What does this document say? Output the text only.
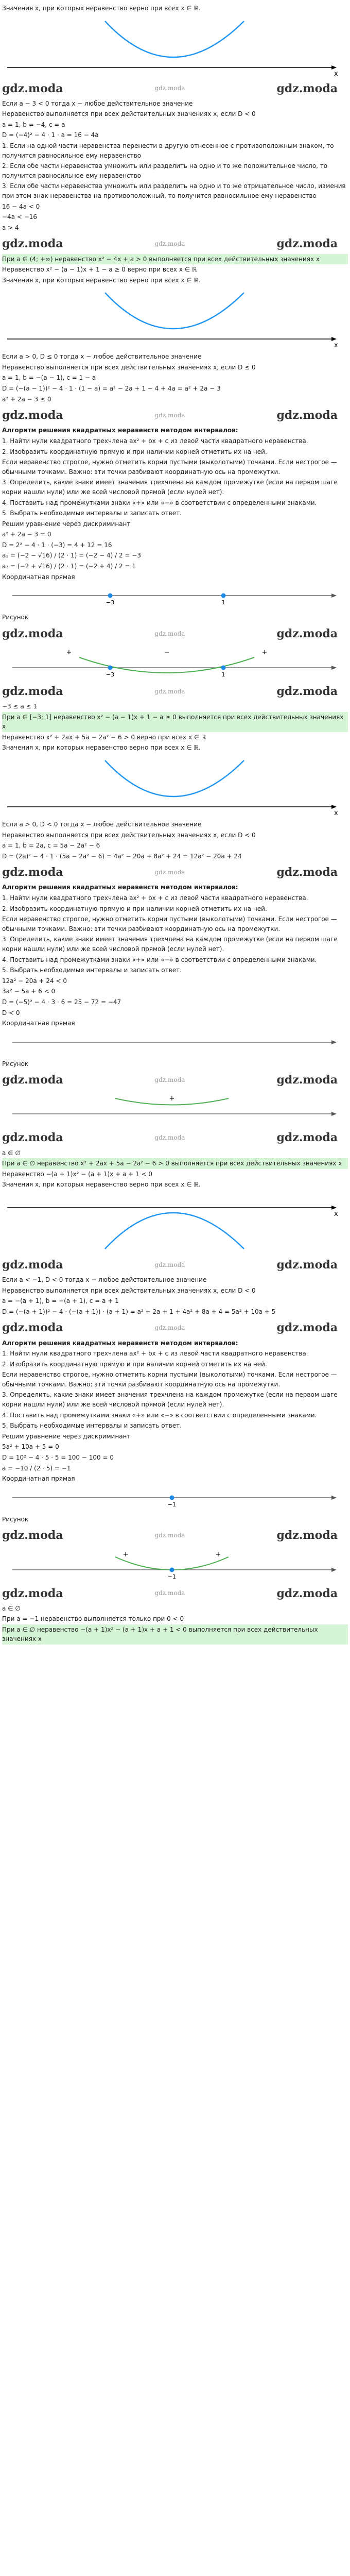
Значения x, при которых неравенство верно при всех x ∈ ℝ.

x
gdz.moda	gdz.moda	gdz.moda

Если a − 3 < 0 тогда x − любое действительное значение

Неравенство выполняется при всех действительных значениях x, если D < 0

a = 1, b = −4, c = a

D = (−4)² − 4 · 1 · a = 16 − 4a

1. Если на одной части неравенства перенести в другую отнесенное с противоположным знаком, то получится равносильное ему неравенство

2. Если обе части неравенства умножить или разделить на одно и то же положительное число, то получится равносильное ему неравенство

3. Если обе части неравенства умножить или разделить на одно и то же отрицательное число, изменив при этом знак неравенства на противоположный, то получится равносильное ему неравенство

16 − 4a < 0

−4a < −16

a > 4

gdz.moda	gdz.moda	gdz.moda

При a ∈ (4; +∞) неравенство x² − 4x + a > 0 выполняется при всех действительных значениях x

Неравенство x² − (a − 1)x + 1 − a ≥ 0 верно при всех x ∈ ℝ

Значения x, при которых неравенство верно при всех x ∈ ℝ.

x

Если a > 0, D ≤ 0 тогда x − любое действительное значение

Неравенство выполняется при всех действительных значениях x, если D ≤ 0

a = 1, b = −(a − 1), c = 1 − a

D = (−(a − 1))² − 4 · 1 · (1 − a) = a² − 2a + 1 − 4 + 4a = a² + 2a − 3

a² + 2a − 3 ≤ 0

gdz.moda	gdz.moda	gdz.moda

Алгоритм решения квадратных неравенств методом интервалов:

1. Найти нули квадратного трехчлена ax² + bx + c из левой части квадратного неравенства.

2. Изобразить координатную прямую и при наличии корней отметить их на ней.

Если неравенство строгое, нужно отметить корни пустыми (выколотыми) точками. Если нестрогое — обычными точками. Важно: эти точки разбивают координатную ось на промежутки.

3. Определить, какие знаки имеет значения трехчлена на каждом промежутке (если на первом шаге корни нашли нули) или же всей числовой прямой (если нулей нет).

4. Поставить над промежутками знаки «+» или «−» в соответствии с определенными знаками.

5. Выбрать необходимые интервалы и записать ответ.

Решим уравнение через дискриминант

a² + 2a − 3 = 0

D = 2² − 4 · 1 · (−3) = 4 + 12 = 16

a₁ = (−2 − √16) / (2 · 1) = (−2 − 4) / 2 = −3

a₂ = (−2 + √16) / (2 · 1) = (−2 + 4) / 2 = 1

Координатная прямая

−3	1

Рисунок

gdz.moda	gdz.moda	gdz.moda
+	−	+
−3	1
gdz.moda	gdz.moda	gdz.moda

−3 ≤ a ≤ 1

При a ∈ [−3; 1] неравенство x² − (a − 1)x + 1 − a ≥ 0 выполняется при всех действительных значениях x

Неравенство x² + 2ax + 5a − 2a² − 6 > 0 верно при всех x ∈ ℝ

Значения x, при которых неравенство верно при всех x ∈ ℝ.

x

Если a > 0, D < 0 тогда x − любое действительное значение

Неравенство выполняется при всех действительных значениях x, если D < 0

a = 1, b = 2a, c = 5a − 2a² − 6

D = (2a)² − 4 · 1 · (5a − 2a² − 6) = 4a² − 20a + 8a² + 24 = 12a² − 20a + 24

gdz.moda	gdz.moda	gdz.moda

Алгоритм решения квадратных неравенств методом интервалов:

1. Найти нули квадратного трехчлена ax² + bx + c из левой части квадратного неравенства.

2. Изобразить координатную прямую и при наличии корней отметить их на ней.

Если неравенство строгое, нужно отметить корни пустыми (выколотыми) точками. Если нестрогое — обычными точками. Важно: эти точки разбивают координатную ось на промежутки.

3. Определить, какие знаки имеет значения трехчлена на каждом промежутке (если на первом шаге корни нашли нули) или же всей числовой прямой (если нулей нет).

4. Поставить над промежутками знаки «+» или «−» в соответствии с определенными знаками.

5. Выбрать необходимые интервалы и записать ответ.

12a² − 20a + 24 < 0

3a² − 5a + 6 < 0

D = (−5)² − 4 · 3 · 6 = 25 − 72 = −47

D < 0

Координатная прямая

Рисунок

gdz.moda	gdz.moda	gdz.moda
+
gdz.moda	gdz.moda	gdz.moda

a ∈ ∅

При a ∈ ∅ неравенство x² + 2ax + 5a − 2a² − 6 > 0 выполняется при всех действительных значениях x

Неравенство −(a + 1)x² − (a + 1)x + a + 1 < 0

Значения x, при которых неравенство верно при всех x ∈ ℝ.

x
gdz.moda	gdz.moda	gdz.moda

Если a < −1, D < 0 тогда x − любое действительное значение

Неравенство выполняется при всех действительных значениях x, если D < 0

a = −(a + 1), b = −(a + 1), c = a + 1

D = (−(a + 1))² − 4 · (−(a + 1)) · (a + 1) = a² + 2a + 1 + 4a² + 8a + 4 = 5a² + 10a + 5

gdz.moda	gdz.moda	gdz.moda

Алгоритм решения квадратных неравенств методом интервалов:

1. Найти нули квадратного трехчлена ax² + bx + c из левой части квадратного неравенства.

2. Изобразить координатную прямую и при наличии корней отметить их на ней.

Если неравенство строгое, нужно отметить корни пустыми (выколотыми) точками. Если нестрогое — обычными точками. Важно: эти точки разбивают координатную ось на промежутки.

3. Определить, какие знаки имеет значения трехчлена на каждом промежутке (если на первом шаге корни нашли нули) или же всей числовой прямой (если нулей нет).

4. Поставить над промежутками знаки «+» или «−» в соответствии с определенными знаками.

5. Выбрать необходимые интервалы и записать ответ.

Решим уравнение через дискриминант

5a² + 10a + 5 = 0

D = 10² − 4 · 5 · 5 = 100 − 100 = 0

a = −10 / (2 · 5) = −1

Координатная прямая

−1

Рисунок

gdz.moda	gdz.moda	gdz.moda
+	+
−1
gdz.moda	gdz.moda	gdz.moda

a ∈ ∅

При a = −1 неравенство выполняется только при 0 < 0

При a ∈ ∅ неравенство −(a + 1)x² − (a + 1)x + a + 1 < 0 выполняется при всех действительных значениях x
